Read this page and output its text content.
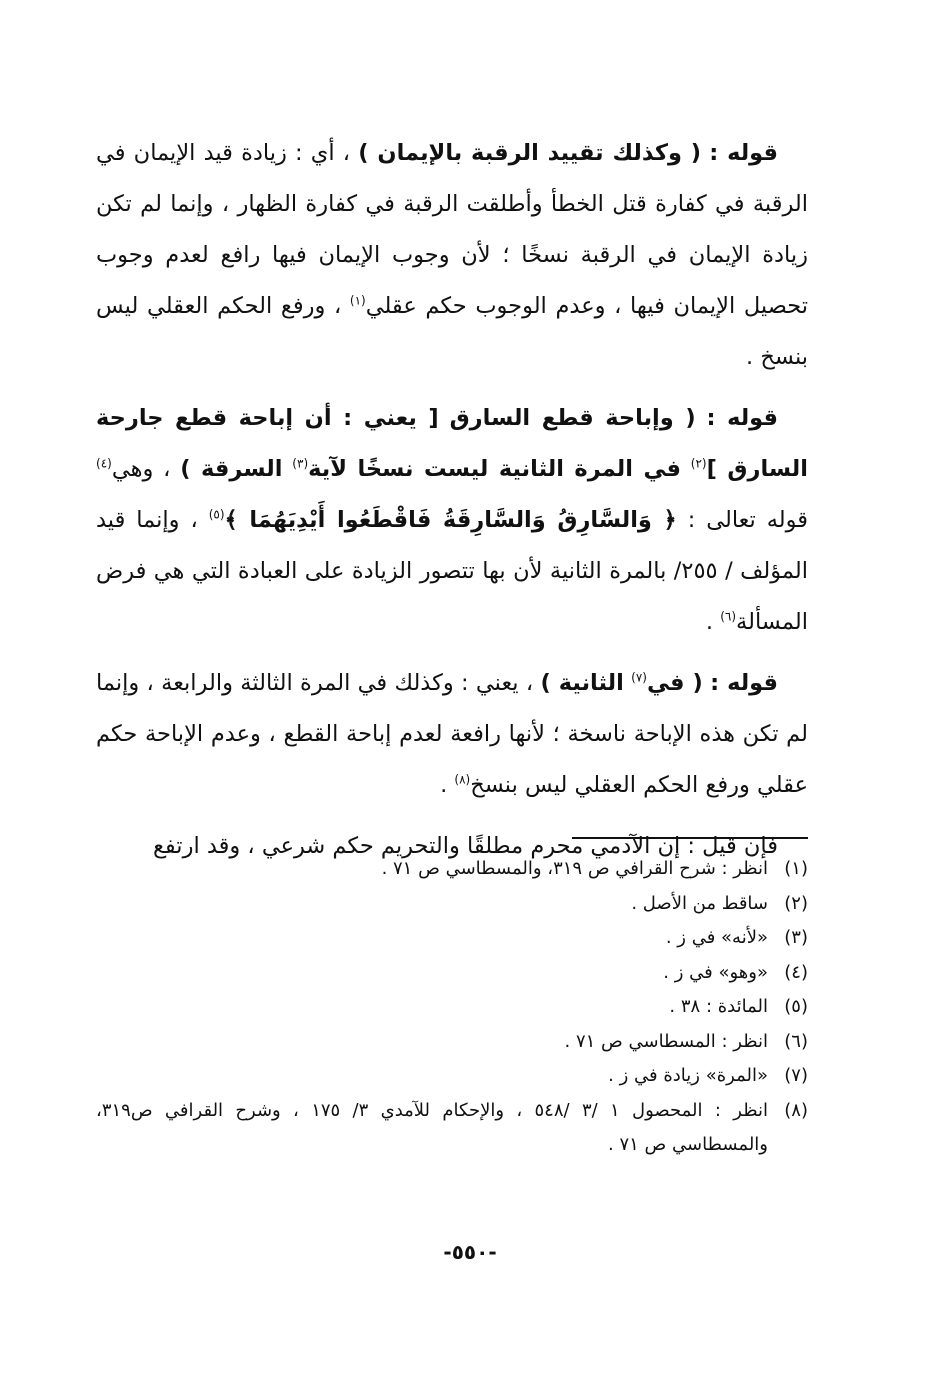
قوله : ( وكذلك تقييد الرقبة بالإيمان ) ، أي : زيادة قيد الإيمان في الرقبة في كفارة قتل الخطأ وأطلقت الرقبة في كفارة الظهار ، وإنما لم تكن زيادة الإيمان في الرقبة نسخًا ؛ لأن وجوب الإيمان فيها رافع لعدم وجوب تحصيل الإيمان فيها ، وعدم الوجوب حكم عقلي$^{(١)}$ ، ورفع الحكم العقلي ليس بنسخ .

قوله : ( وإباحة قطع السارق [ يعني : أن إباحة قطع جارحة السارق ]$^{(٢)}$ في المرة الثانية ليست نسخًا لآية$^{(٣)}$ السرقة ) ، وهي$^{(٤)}$ قوله تعالى : ﴿ وَالسَّارِقُ وَالسَّارِقَةُ فَاقْطَعُوا أَيْدِيَهُمَا ﴾$^{(٥)}$ ، وإنما قيد المؤلف / ٢٥٥/ بالمرة الثانية لأن بها تتصور الزيادة على العبادة التي هي فرض المسألة$^{(٦)}$ .

قوله : ( في$^{(٧)}$ الثانية ) ، يعني : وكذلك في المرة الثالثة والرابعة ، وإنما لم تكن هذه الإباحة ناسخة ؛ لأنها رافعة لعدم إباحة القطع ، وعدم الإباحة حكم عقلي ورفع الحكم العقلي ليس بنسخ$^{(٨)}$ .

فإن قيل : إن الآدمي محرم مطلقًا والتحريم حكم شرعي ، وقد ارتفع

(١)
انظر : شرح القرافي ص ٣١٩، والمسطاسي ص ٧١ .
(٢)
ساقط من الأصل .
(٣)
«لأنه» في ز .
(٤)
«وهو» في ز .
(٥)
المائدة : ٣٨ .
(٦)
انظر : المسطاسي ص ٧١ .
(٧)
«المرة» زيادة في ز .
(٨)
انظر : المحصول ١ /٣ /٥٤٨ ، والإحكام للآمدي ٣/ ١٧٥ ، وشرح القرافي ص٣١٩، والمسطاسي ص ٧١ .
-٥٥٠-
